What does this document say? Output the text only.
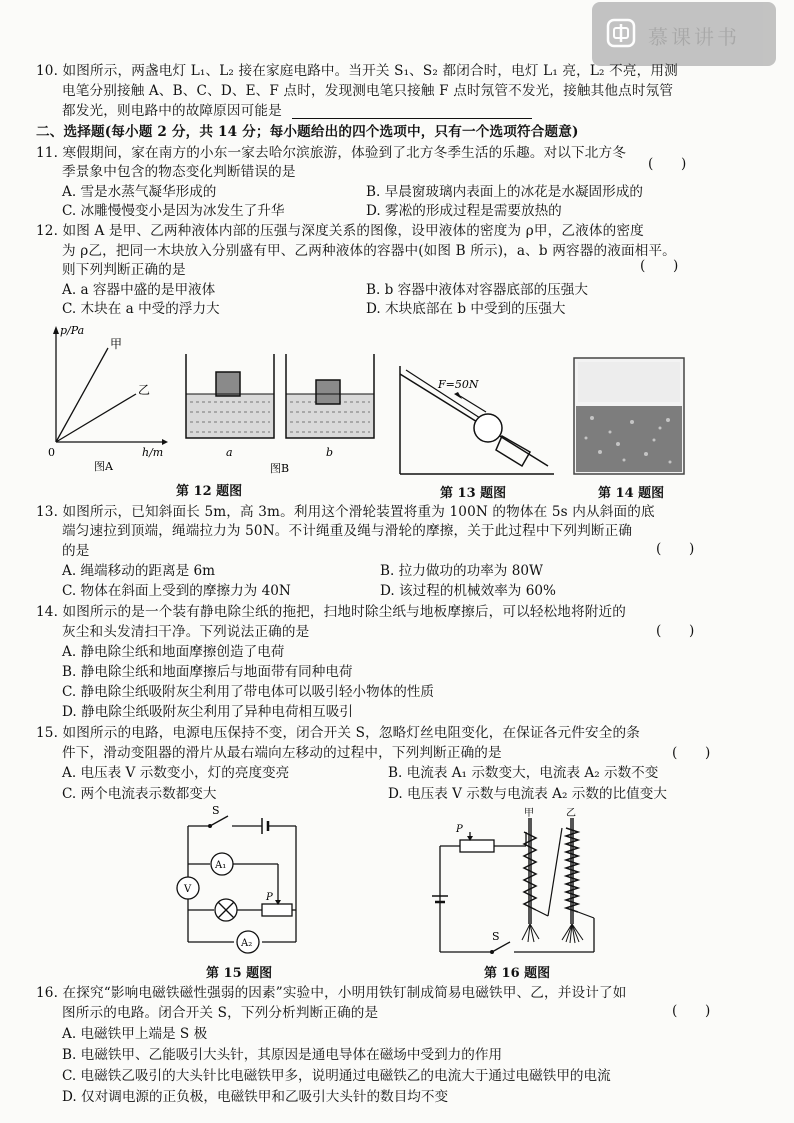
慕课讲书
10. 如图所示，两盏电灯 L₁、L₂ 接在家庭电路中。当开关 S₁、S₂ 都闭合时，电灯 L₁ 亮，L₂ 不亮，用测
电笔分别接触 A、B、C、D、E、F 点时，发现测电笔只接触 F 点时氖管不发光，接触其他点时氖管
都发光，则电路中的故障原因可能是
二、选择题(每小题 2 分，共 14 分；每小题给出的四个选项中，只有一个选项符合题意)
11. 寒假期间，家在南方的小东一家去哈尔滨旅游，体验到了北方冬季生活的乐趣。对以下北方冬
季景象中包含的物态变化判断错误的是	(　　)
A. 雪是水蒸气凝华形成的	B. 早晨窗玻璃内表面上的冰花是水凝固形成的
C. 冰雕慢慢变小是因为冰发生了升华	D. 雾凇的形成过程是需要放热的
12. 如图 A 是甲、乙两种液体内部的压强与深度关系的图像，设甲液体的密度为 ρ甲，乙液体的密度
为 ρ乙，把同一木块放入分别盛有甲、乙两种液体的容器中(如图 B 所示)，a、b 两容器的液面相平。
则下列判断正确的是	(　　)
A. a 容器中盛的是甲液体	B. b 容器中液体对容器底部的压强大
C. 木块在 a 中受的浮力大	D. 木块底部在 b 中受到的压强大
p/Pa
甲
乙
0	h/m
图A
a	b
图B
第 12 题图
F=50N
第 13 题图	第 14 题图
13. 如图所示，已知斜面长 5m，高 3m。利用这个滑轮装置将重为 100N 的物体在 5s 内从斜面的底
端匀速拉到顶端，绳端拉力为 50N。不计绳重及绳与滑轮的摩擦，关于此过程中下列判断正确
的是	(　　)
A. 绳端移动的距离是 6m	B. 拉力做功的功率为 80W
C. 物体在斜面上受到的摩擦力为 40N	D. 该过程的机械效率为 60%
14. 如图所示的是一个装有静电除尘纸的拖把，扫地时除尘纸与地板摩擦后，可以轻松地将附近的
灰尘和头发清扫干净。下列说法正确的是	(　　)
A. 静电除尘纸和地面摩擦创造了电荷
B. 静电除尘纸和地面摩擦后与地面带有同种电荷
C. 静电除尘纸吸附灰尘利用了带电体可以吸引轻小物体的性质
D. 静电除尘纸吸附灰尘利用了异种电荷相互吸引
15. 如图所示的电路，电源电压保持不变，闭合开关 S，忽略灯丝电阻变化，在保证各元件安全的条
件下，滑动变阻器的滑片从最右端向左移动的过程中，下列判断正确的是	(　　)
A. 电压表 V 示数变小，灯的亮度变亮	B. 电流表 A₁ 示数变大，电流表 A₂ 示数不变
C. 两个电流表示数都变大	D. 电压表 V 示数与电流表 A₂ 示数的比值变大
S
A₂
A₁
V
P
第 15 题图
P
S
甲	乙
第 16 题图
16. 在探究“影响电磁铁磁性强弱的因素”实验中，小明用铁钉制成简易电磁铁甲、乙，并设计了如
图所示的电路。闭合开关 S，下列分析判断正确的是	(　　)
A. 电磁铁甲上端是 S 极
B. 电磁铁甲、乙能吸引大头针，其原因是通电导体在磁场中受到力的作用
C. 电磁铁乙吸引的大头针比电磁铁甲多，说明通过电磁铁乙的电流大于通过电磁铁甲的电流
D. 仅对调电源的正负极，电磁铁甲和乙吸引大头针的数目均不变
